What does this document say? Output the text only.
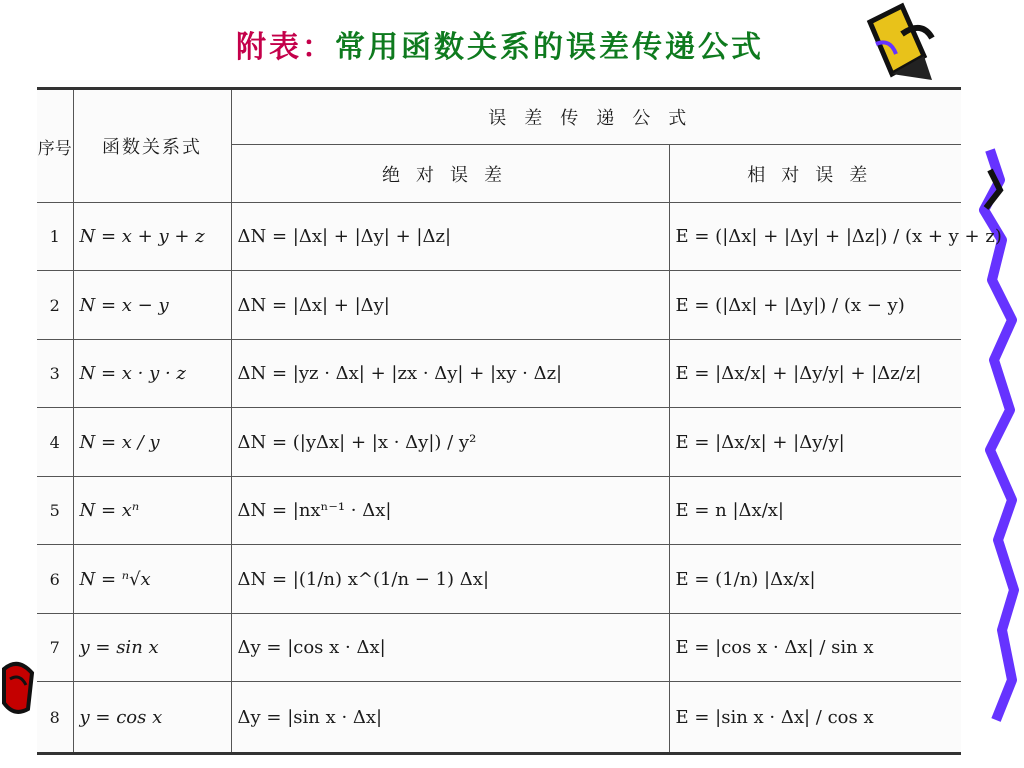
附表：常用函数关系的误差传递公式
序号	函数关系式	误差传递公式	
		绝对误差	相对误差
1	N = x + y + z	ΔN = |Δx| + |Δy| + |Δz|	E = (|Δx| + |Δy| + |Δz|) / (x + y + z)
2	N = x − y	ΔN = |Δx| + |Δy|	E = (|Δx| + |Δy|) / (x − y)
3	N = x · y · z	ΔN = |yz · Δx| + |zx · Δy| + |xy · Δz|	E = |Δx/x| + |Δy/y| + |Δz/z|
4	N = x / y	ΔN = (|yΔx| + |x · Δy|) / y²	E = |Δx/x| + |Δy/y|
5	N = xⁿ	ΔN = |nxⁿ⁻¹ · Δx|	E = n |Δx/x|
6	N = ⁿ√x	ΔN = |(1/n) x^(1/n − 1) Δx|	E = (1/n) |Δx/x|
7	y = sin x	Δy = |cos x · Δx|	E = |cos x · Δx| / sin x
8	y = cos x	Δy = |sin x · Δx|	E = |sin x · Δx| / cos x
